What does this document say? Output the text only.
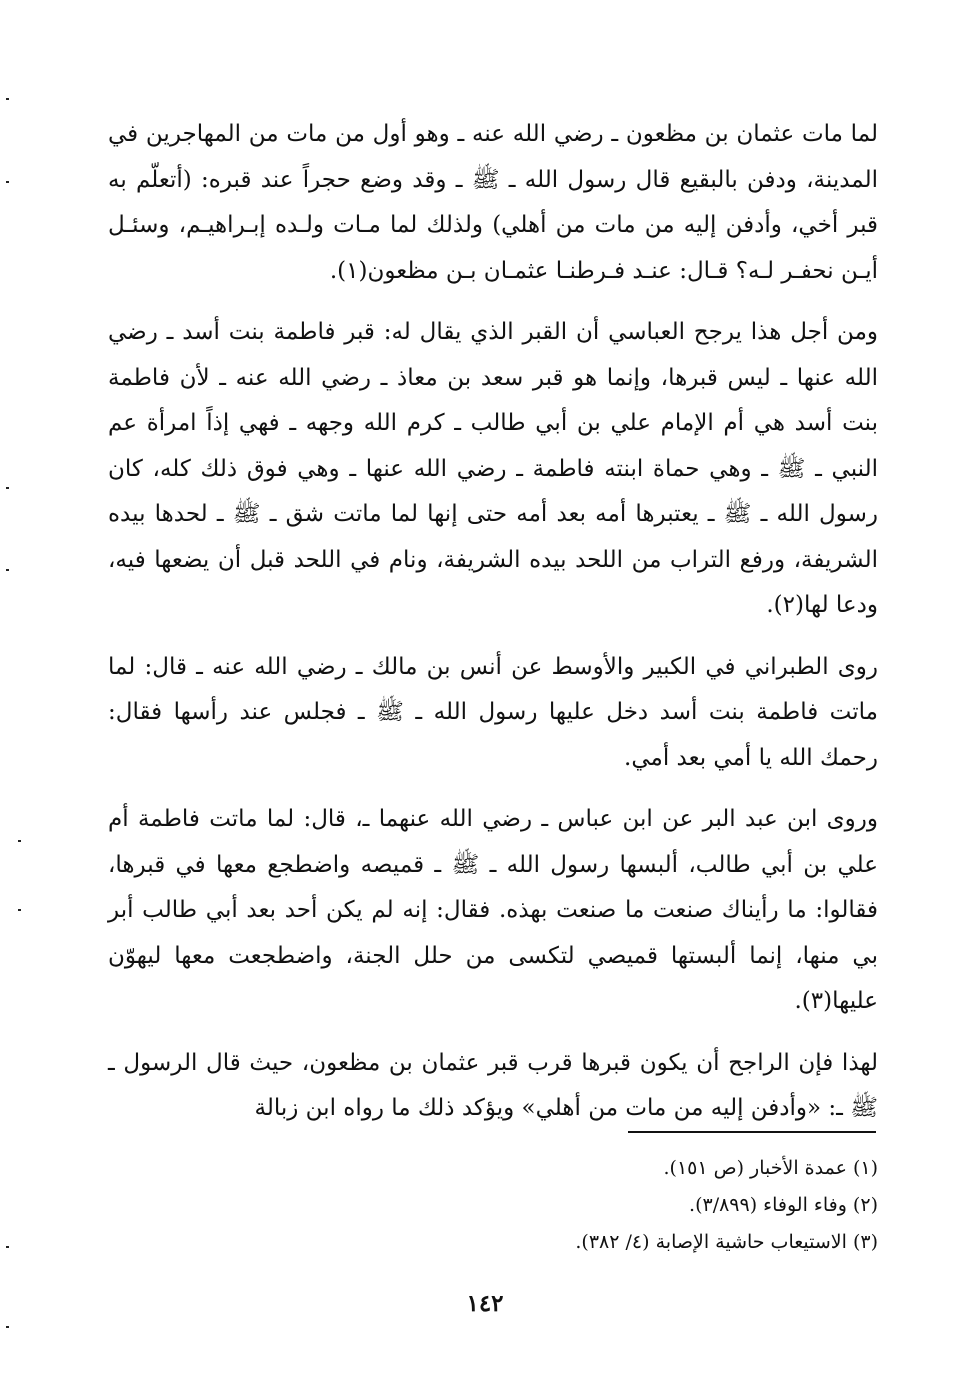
لما مات عثمان بن مظعون ـ رضي الله عنه ـ وهو أول من مات من المهاجرين في المدينة، ودفن بالبقيع قال رسول الله ـ ﷺ ـ وقد وضع حجراً عند قبره: (أتعلّم به قبر أخي، وأدفن إليه من مات من أهلي) ولذلك لما مـات ولـده إبـراهيـم، وسئـل أيـن نحفـر لـه؟ قـال: عنـد فـرطنـا عثمـان بـن مظعون(١).

ومن أجل هذا يرجح العباسي أن القبر الذي يقال له: قبر فاطمة بنت أسد ـ رضي الله عنها ـ ليس قبرها، وإنما هو قبر سعد بن معاذ ـ رضي الله عنه ـ لأن فاطمة بنت أسد هي أم الإمام علي بن أبي طالب ـ كرم الله وجهه ـ فهي إذاً امرأة عم النبي ـ ﷺ ـ وهي حماة ابنته فاطمة ـ رضي الله عنها ـ وهي فوق ذلك كله، كان رسول الله ـ ﷺ ـ يعتبرها أمه بعد أمه حتى إنها لما ماتت شق ـ ﷺ ـ لحدها بيده الشريفة، ورفع التراب من اللحد بيده الشريفة، ونام في اللحد قبل أن يضعها فيه، ودعا لها(٢).

روى الطبراني في الكبير والأوسط عن أنس بن مالك ـ رضي الله عنه ـ قال: لما ماتت فاطمة بنت أسد دخل عليها رسول الله ـ ﷺ ـ فجلس عند رأسها فقال: رحمك الله يا أمي بعد أمي.

وروى ابن عبد البر عن ابن عباس ـ رضي الله عنهما ـ، قال: لما ماتت فاطمة أم علي بن أبي طالب، ألبسها رسول الله ـ ﷺ ـ قميصه واضطجع معها في قبرها، فقالوا: ما رأيناك صنعت ما صنعت بهذه. فقال: إنه لم يكن أحد بعد أبي طالب أبر بي منها، إنما ألبستها قميصي لتكسى من حلل الجنة، واضطجعت معها ليهوّن عليها(٣).

لهذا فإن الراجح أن يكون قبرها قرب قبر عثمان بن مظعون، حيث قال الرسول ـ ﷺ ـ: «وأدفن إليه من مات من أهلي» ويؤكد ذلك ما رواه ابن زبالة

(١) عمدة الأخبار (ص ١٥١).

(٢) وفاء الوفاء (٣/٨٩٩).

(٣) الاستيعاب حاشية الإصابة (٤/ ٣٨٢).

١٤٢
